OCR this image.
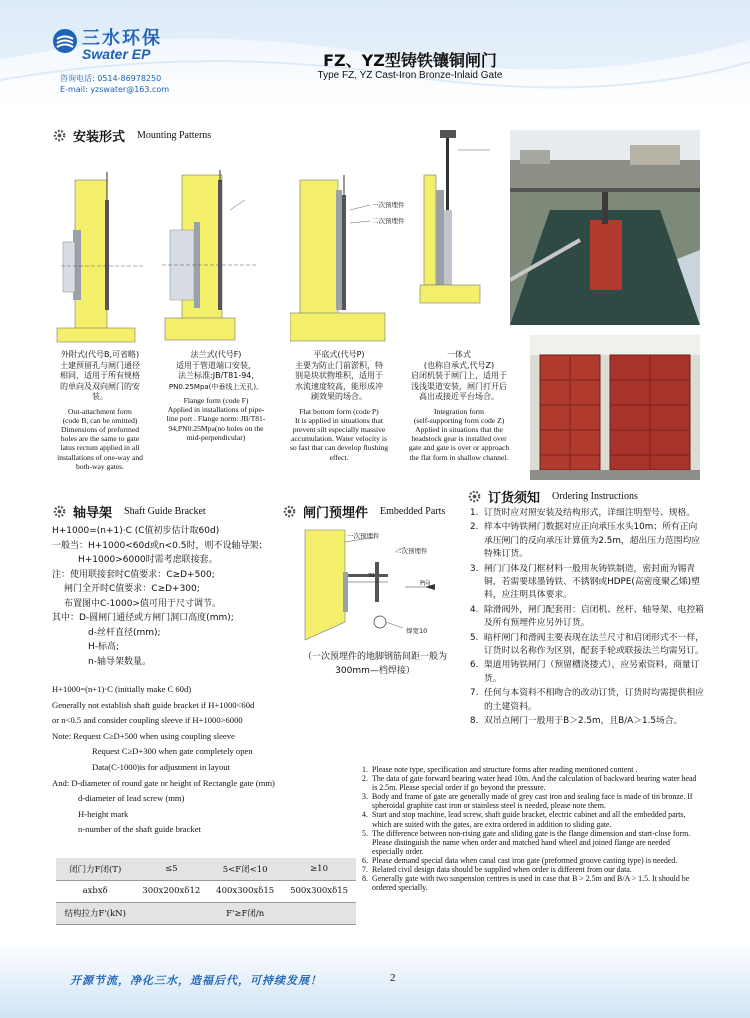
三水环保
Swater EP
咨询电话: 0514-86978250
E-mail: yzswater@163.com
FZ、YZ型铸铁镶铜闸门
Type FZ, YZ Cast-Iron Bronze-Inlaid Gate
安装形式 Mounting Patterns
一次预埋件
二次预埋件
外附式(代号B,可省略)
土建预留孔与闸门通径
相同，适用于所有规格
的单向及双向闸门的安
装。
Out-attachment form
(code B, can be omitted)
Dimensions of preformed
holes are the same to gate
latus rectum applied in all
installations of one-way and
both-way gates.
法兰式(代号F)
适用于管道端口安装，
法兰标准:JB/T81-94,
PN0.25Mpa(中垂线上无孔)。
Flange form (code F)
Applied in installations of pipe-
line port . Flange norm: JB/T81-
94,PN0.25Mpa(no holes on the
mid-perpendicular)
平底式(代号P)
主要为防止门前淤积，特
别是块状物堆积，适用于
水流速度较高，能形成冲
刷效果的场合。
Flat bottom form (code P)
It is applied in situations that
prevent silt especially massive
accumulation. Water velocity is
so fast that can develop flushing
effect.
一体式
(也称自承式,代号Z)
启闭机装于闸门上，适用于
浅浅渠道安装，闸门打开后
高出或接近平台场合。
Integration form
(self-supporting form code Z)
Applied in situations that the
headstock gear is installed over
gate and gate is over or approach
the flat form in shallow channel.
轴导架 Shaft Guide Bracket
H+1000=(n+1)·C (C值初步估计取60d)
一般当：H+1000<60d或n<0.5时，则不设轴导架；
H+1000>6000时需考虑联接套。
注：使用联接套时C值要求：C≥D+500;
闸门全开时C值要求：C≥D+300;
布置图中C-1000>值可用于尺寸调节。
其中：D-圆闸门通径或方闸门洞口高度(mm);
d-丝杆直径(mm);
H-标高;
n-轴导架数量。
H+1000=(n+1)·C (initially make C 60d)
Generally not establish shaft guide bracket if H+1000<60d
or n<0.5 and consider coupling sleeve if H+1000>6000
Note: Request C≥D+500 when using coupling sleeve
Request C≥D+300 when gate completely open
Data(C-1000)is for adjustment in layout
And: D-diameter of round gate or height of Rectangle gate (mm)
d-diameter of lead screw (mm)
H-height mark
n-number of the shaft guide bracket
闭门力F闭(T)	≤5	5<F闭<10	≥10
axbxδ	300x200xδ12	400x300xδ15	500x300xδ15
结构拉力F'(kN)	F'≥F闭/n		
闸门预埋件 Embedded Parts
一次预埋件
二次预埋件
70
P向
焊宽10
（一次预埋件的地脚钢筋间距一般为300mm—档焊接）
订货须知 Ordering Instructions
1. 订货时应对照安装及结构形式，详细注明型号、规格。
2. 样本中铸铁闸门数据对应正向承压水头10m；所有正向承压闸门的反向承压计算值为2.5m，超出压力范围均应特殊订货。
3. 闸门门体及门框材料一般用灰铸铁制造，密封面为锡青铜，若需要球墨铸铁、不锈钢或HDPE(高密度聚乙烯)塑料，应注明具体要求。
4. 除滑阀外，闸门配套用：启闭机、丝杆、轴导架、电控箱及所有预埋件应另外订货。
5. 暗杆闸门和滑阀主要表现在法兰尺寸和启闭形式不一样，订货时以名称作为区别，配套手轮或联接法兰均需另订。
6. 渠道用铸铁闸门（预留槽浇搂式），应另索资料，商量订货。
7. 任何与本资料不相吻合的改动订货，订货时均需提供相应的土建资料。
8. 双吊点闸门一般用于B＞2.5m，且B/A＞1.5场合。
1. Please note type, specification and structure forms after reading mentioned content .
2. The data of gate forward bearing water head 10m. And the calculation of backward bearing water head is 2.5m. Please special order if go beyond the pressure.
3. Body and frame of gate are generally made of grey cast iron and sealing face is made of tin bronze. If spheroidal graphite cast iron or stainless steel is needed, please note them.
4. Start and stop machine, lead screw, shaft guide bracket, electric cabinet and all the embedded parts, which are suited with the gates, are extra ordered in addition to sliding gate.
5. The difference between non-rising gate and sliding gate is the flange dimension and start-close form. Please distinguish the name when order and matched hand wheel and joined flange are needed especially order.
6. Please demand special data when canal cast iron gate (preformed groove casting type) is needed.
7. Related civil design data should be supplied when order is different from our data.
8. Generally gate with two suspension centres is used in case that B > 2.5m and B/A > 1.5. It should be ordered specially.
开源节流，净化三水，造福后代，可持续发展！	2
